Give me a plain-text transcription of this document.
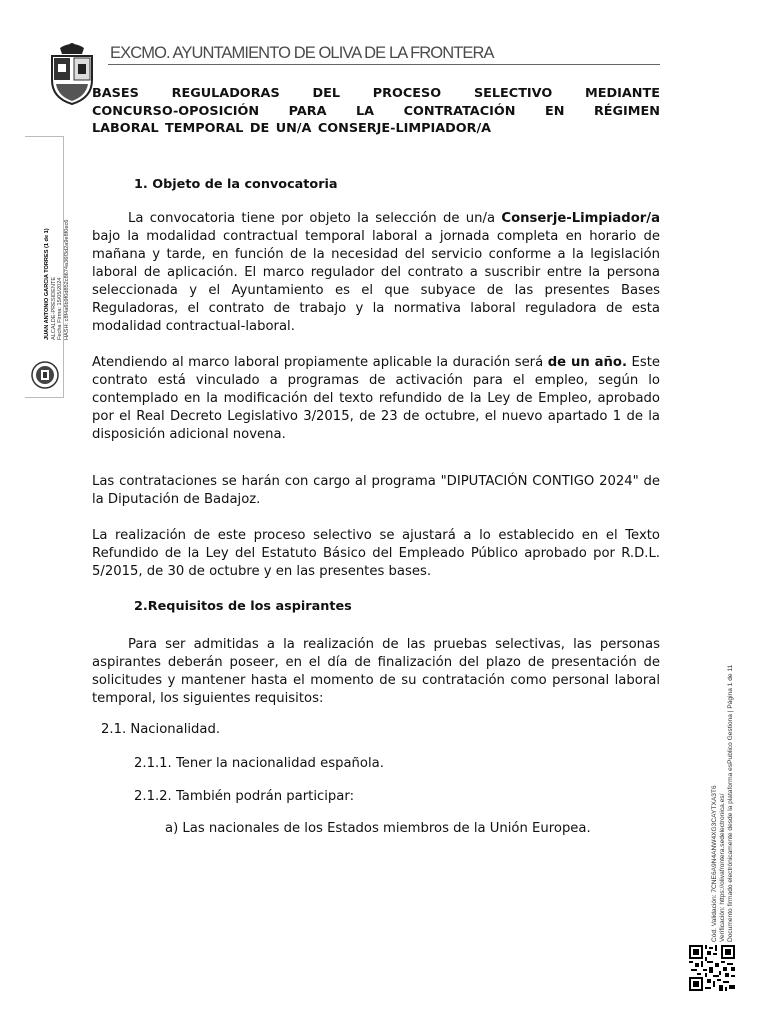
EXCMO. AYUNTAMIENTO DE OLIVA DE LA FRONTERA
BASES REGULADORAS DEL PROCESO SELECTIVO MEDIANTE
CONCURSO-OPOSICIÓN PARA LA CONTRATACIÓN EN RÉGIMEN
LABORAL TEMPORAL DE UN/A CONSERJE-LIMPIADOR/A
1. Objeto de la convocatoria
La convocatoria tiene por objeto la selección de un/a Conserje-Limpiador/a bajo la modalidad contractual temporal laboral a jornada completa en horario de mañana y tarde, en función de la necesidad del servicio conforme a la legislación laboral de aplicación. El marco regulador del contrato a suscribir entre la persona seleccionada y el Ayuntamiento es el que subyace de las presentes Bases Reguladoras, el contrato de trabajo y la normativa laboral reguladora de esta modalidad contractual-laboral.
Atendiendo al marco laboral propiamente aplicable la duración será de un año. Este contrato está vinculado a programas de activación para el empleo, según lo contemplado en la modificación del texto refundido de la Ley de Empleo, aprobado por el Real Decreto Legislativo 3/2015, de 23 de octubre, el nuevo apartado 1 de la disposición adicional novena.
Las contrataciones se harán con cargo al programa "DIPUTACIÓN CONTIGO 2024" de la Diputación de Badajoz.
La realización de este proceso selectivo se ajustará a lo establecido en el Texto Refundido de la Ley del Estatuto Básico del Empleado Público aprobado por R.D.L. 5/2015, de 30 de octubre y en las presentes bases.
2.Requisitos de los aspirantes
Para ser admitidas a la realización de las pruebas selectivas, las personas aspirantes deberán poseer, en el día de finalización del plazo de presentación de solicitudes y mantener hasta el momento de su contratación como personal laboral temporal, los siguientes requisitos:
2.1. Nacionalidad.
2.1.1. Tener la nacionalidad española.
2.1.2. También podrán participar:
a) Las nacionales de los Estados miembros de la Unión Europea.
JUAN ANTONIO GARCIA TORRES (1 de 1) ALCALDE-PRESIDENTE Fecha Firma: 15/05/2024 HASH: c8f4a6b9f0d852c8674a36f3d2a9e8f0ec6
Cód. Validación: 7CNE6A9N4ANW4XG3CAYTXA3T6 Verificación: https://olivafrontera.sedelectronica.es/ Documento firmado electrónicamente desde la plataforma esPublico Gestiona | Página 1 de 11
